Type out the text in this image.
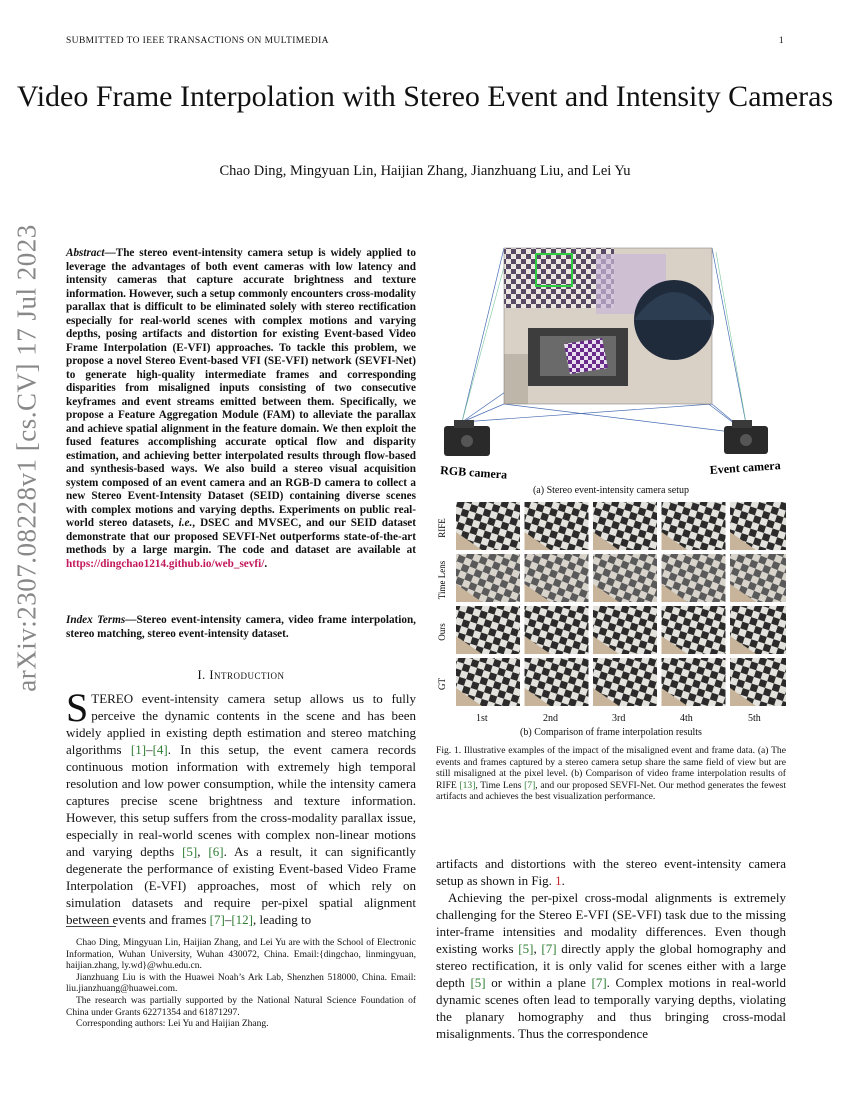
SUBMITTED TO IEEE TRANSACTIONS ON MULTIMEDIA	1
Video Frame Interpolation with Stereo Event and Intensity Cameras
Chao Ding, Mingyuan Lin, Haijian Zhang, Jianzhuang Liu, and Lei Yu
arXiv:2307.08228v1 [cs.CV] 17 Jul 2023 Abstract—The stereo event-intensity camera setup is widely applied to leverage the advantages of both event cameras with low latency and intensity cameras that capture accurate brightness and texture information. However, such a setup commonly encounters cross-modality parallax that is difficult to be eliminated solely with stereo rectification especially for real-world scenes with complex motions and varying depths, posing artifacts and distortion for existing Event-based Video Frame Interpolation (E-VFI) approaches. To tackle this problem, we propose a novel Stereo Event-based VFI (SE-VFI) network (SEVFI-Net) to generate high-quality intermediate frames and corresponding disparities from misaligned inputs consisting of two consecutive keyframes and event streams emitted between them. Specifically, we propose a Feature Aggregation Module (FAM) to alleviate the parallax and achieve spatial alignment in the feature domain. We then exploit the fused features accomplishing accurate optical flow and disparity estimation, and achieving better interpolated results through flow-based and synthesis-based ways. We also build a stereo visual acquisition system composed of an event camera and an RGB-D camera to collect a new Stereo Event-Intensity Dataset (SEID) containing diverse scenes with complex motions and varying depths. Experiments on public real-world stereo datasets, i.e., DSEC and MVSEC, and our SEID dataset demonstrate that our proposed SEVFI-Net outperforms state-of-the-art methods by a large margin. The code and dataset are available at https://dingchao1214.github.io/web_sevfi/.
Index Terms—Stereo event-intensity camera, video frame interpolation, stereo matching, stereo event-intensity dataset.
I. Introduction
STEREO event-intensity camera setup allows us to fully perceive the dynamic contents in the scene and has been widely applied in existing depth estimation and stereo matching algorithms [1]–[4]. In this setup, the event camera records continuous motion information with extremely high temporal resolution and low power consumption, while the intensity camera captures precise scene brightness and texture information. However, this setup suffers from the cross-modality parallax issue, especially in real-world scenes with complex non-linear motions and varying depths [5], [6]. As a result, it can significantly degenerate the performance of existing Event-based Video Frame Interpolation (E-VFI) approaches, most of which rely on simulation datasets and require per-pixel spatial alignment between events and frames [7]–[12], leading to

Chao Ding, Mingyuan Lin, Haijian Zhang, and Lei Yu are with the School of Electronic Information, Wuhan University, Wuhan 430072, China. Email:{dingchao, linmingyuan, haijian.zhang, ly.wd}@whu.edu.cn.

Jianzhuang Liu is with the Huawei Noah’s Ark Lab, Shenzhen 518000, China. Email: liu.jianzhuang@huawei.com.

The research was partially supported by the National Natural Science Foundation of China under Grants 62271354 and 61871297.

Corresponding authors: Lei Yu and Haijian Zhang.

RGB camera	Event camera
(a) Stereo event-intensity camera setup
RIFE
Time Lens
Ours
GT
1st	2nd	3rd	4th	5th
(b) Comparison of frame interpolation results
Fig. 1. Illustrative examples of the impact of the misaligned event and frame data. (a) The events and frames captured by a stereo camera setup share the same field of view but are still misaligned at the pixel level. (b) Comparison of video frame interpolation results of RIFE [13], Time Lens [7], and our proposed SEVFI-Net. Our method generates the fewest artifacts and achieves the best visualization performance.

artifacts and distortions with the stereo event-intensity camera setup as shown in Fig. 1.

Achieving the per-pixel cross-modal alignments is extremely challenging for the Stereo E-VFI (SE-VFI) task due to the missing inter-frame intensities and modality differences. Even though existing works [5], [7] directly apply the global homography and stereo rectification, it is only valid for scenes either with a large depth [5] or within a plane [7]. Complex motions in real-world dynamic scenes often lead to temporally varying depths, violating the planary homography and thus bringing cross-modal misalignments. Thus the correspondence
